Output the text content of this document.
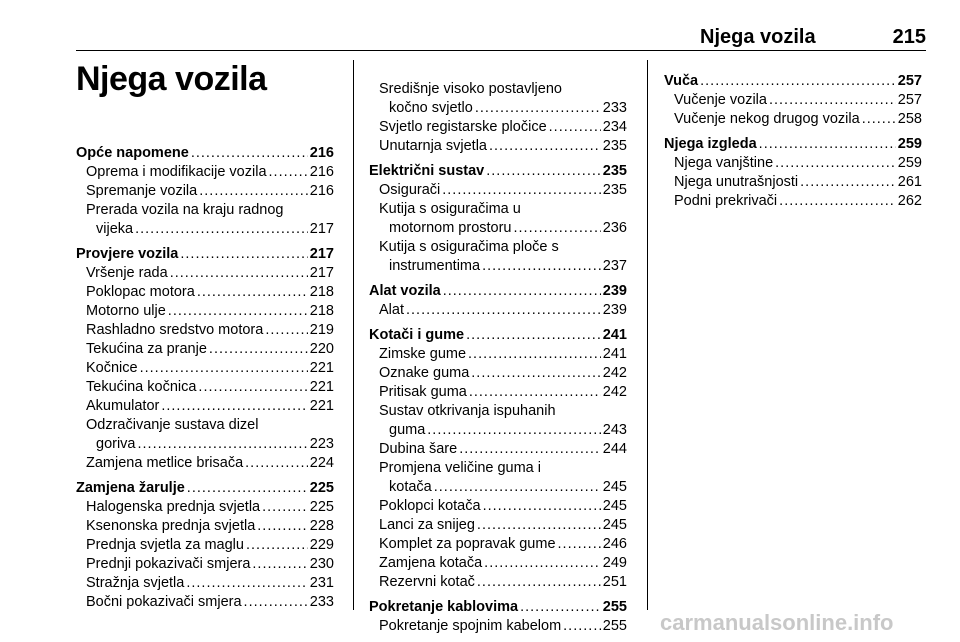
Njega vozila	215
Njega vozila
Opće napomene .....	216
Oprema i modifikacije vozila .....	216
Spremanje vozila .....	216
Prerada vozila na kraju radnog
vijeka .....	217
Provjere vozila .....	217
Vršenje rada .....	217
Poklopac motora .....	218
Motorno ulje .....	218
Rashladno sredstvo motora .....	219
Tekućina za pranje .....	220
Kočnice .....	221
Tekućina kočnica .....	221
Akumulator .....	221
Odzračivanje sustava dizel
goriva .....	223
Zamjena metlice brisača .....	224
Zamjena žarulje .....	225
Halogenska prednja svjetla .....	225
Ksenonska prednja svjetla .....	228
Prednja svjetla za maglu .....	229
Prednji pokazivači smjera .....	230
Stražnja svjetla .....	231
Bočni pokazivači smjera .....	233
Središnje visoko postavljeno
kočno svjetlo .....	233
Svjetlo registarske pločice .....	234
Unutarnja svjetla .....	235
Električni sustav .....	235
Osigurači .....	235
Kutija s osiguračima u
motornom prostoru .....	236
Kutija s osiguračima ploče s
instrumentima .....	237
Alat vozila .....	239
Alat .....	239
Kotači i gume .....	241
Zimske gume .....	241
Oznake guma .....	242
Pritisak guma .....	242
Sustav otkrivanja ispuhanih
guma .....	243
Dubina šare .....	244
Promjena veličine guma i
kotača .....	245
Poklopci kotača .....	245
Lanci za snijeg .....	245
Komplet za popravak gume .....	246
Zamjena kotača .....	249
Rezervni kotač .....	251
Pokretanje kablovima .....	255
Pokretanje spojnim kabelom .....	255
Vuča .....	257
Vučenje vozila .....	257
Vučenje nekog drugog vozila .....	258
Njega izgleda .....	259
Njega vanjštine .....	259
Njega unutrašnjosti .....	261
Podni prekrivači .....	262
carmanualsonline.info
